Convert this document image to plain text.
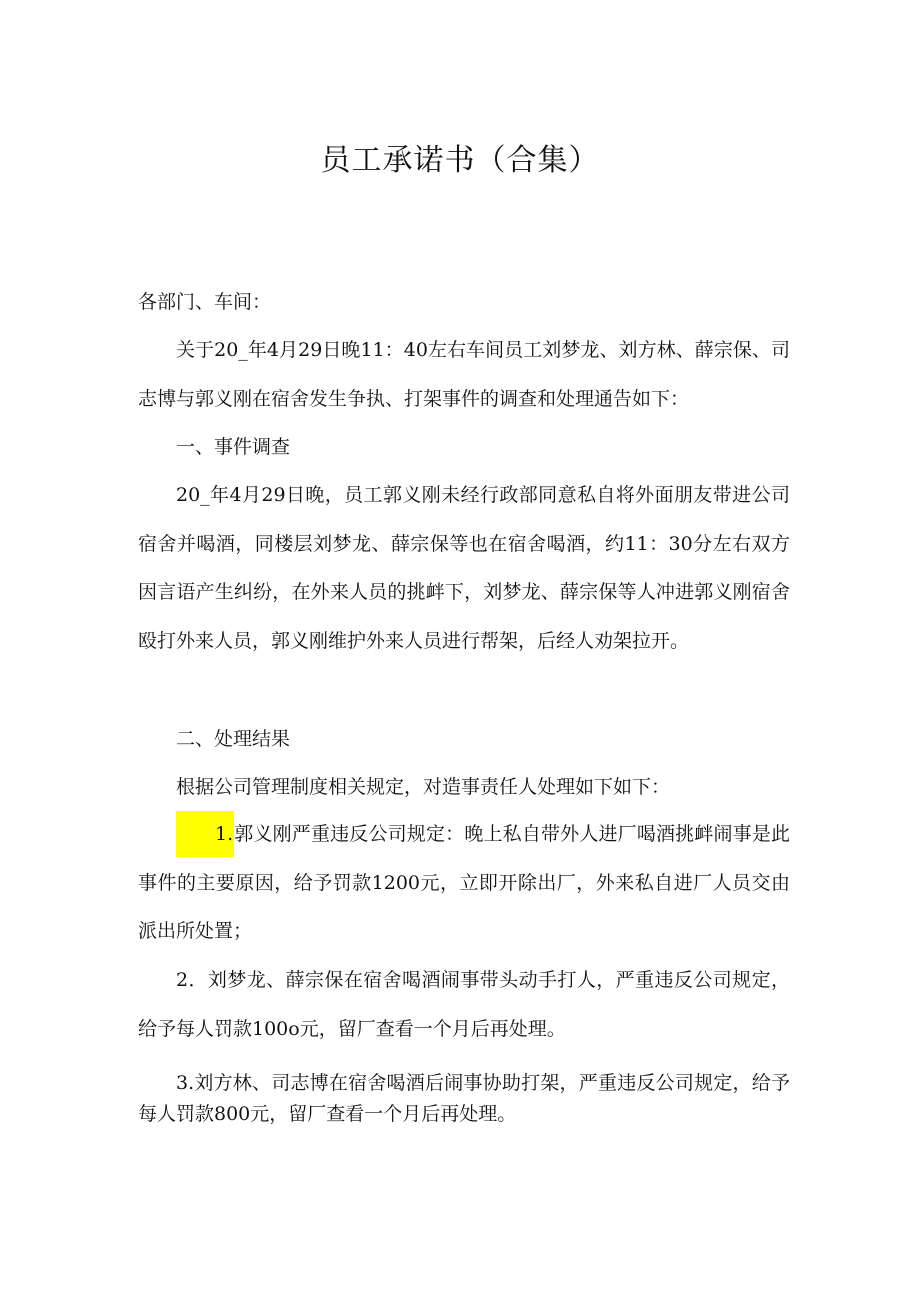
员工承诺书（合集）

各部门、车间：

关于20_年4月29日晚11：40左右车间员工刘梦龙、刘方林、薛宗保、司志博与郭义刚在宿舍发生争执、打架事件的调查和处理通告如下：

一、事件调查

20_年4月29日晚，员工郭义刚未经行政部同意私自将外面朋友带进公司宿舍并喝酒，同楼层刘梦龙、薛宗保等也在宿舍喝酒，约11：30分左右双方因言语产生纠纷，在外来人员的挑衅下，刘梦龙、薛宗保等人冲进郭义刚宿舍殴打外来人员，郭义刚维护外来人员进行帮架，后经人劝架拉开。

二、处理结果

根据公司管理制度相关规定，对造事责任人处理如下如下：

1.郭义刚严重违反公司规定：晚上私自带外人进厂喝酒挑衅闹事是此事件的主要原因，给予罚款1200元，立即开除出厂，外来私自进厂人员交由派出所处置；

2．刘梦龙、薛宗保在宿舍喝酒闹事带头动手打人，严重违反公司规定，给予每人罚款100o元，留厂查看一个月后再处理。

3.刘方林、司志博在宿舍喝酒后闹事协助打架，严重违反公司规定，给予每人罚款800元，留厂查看一个月后再处理。
